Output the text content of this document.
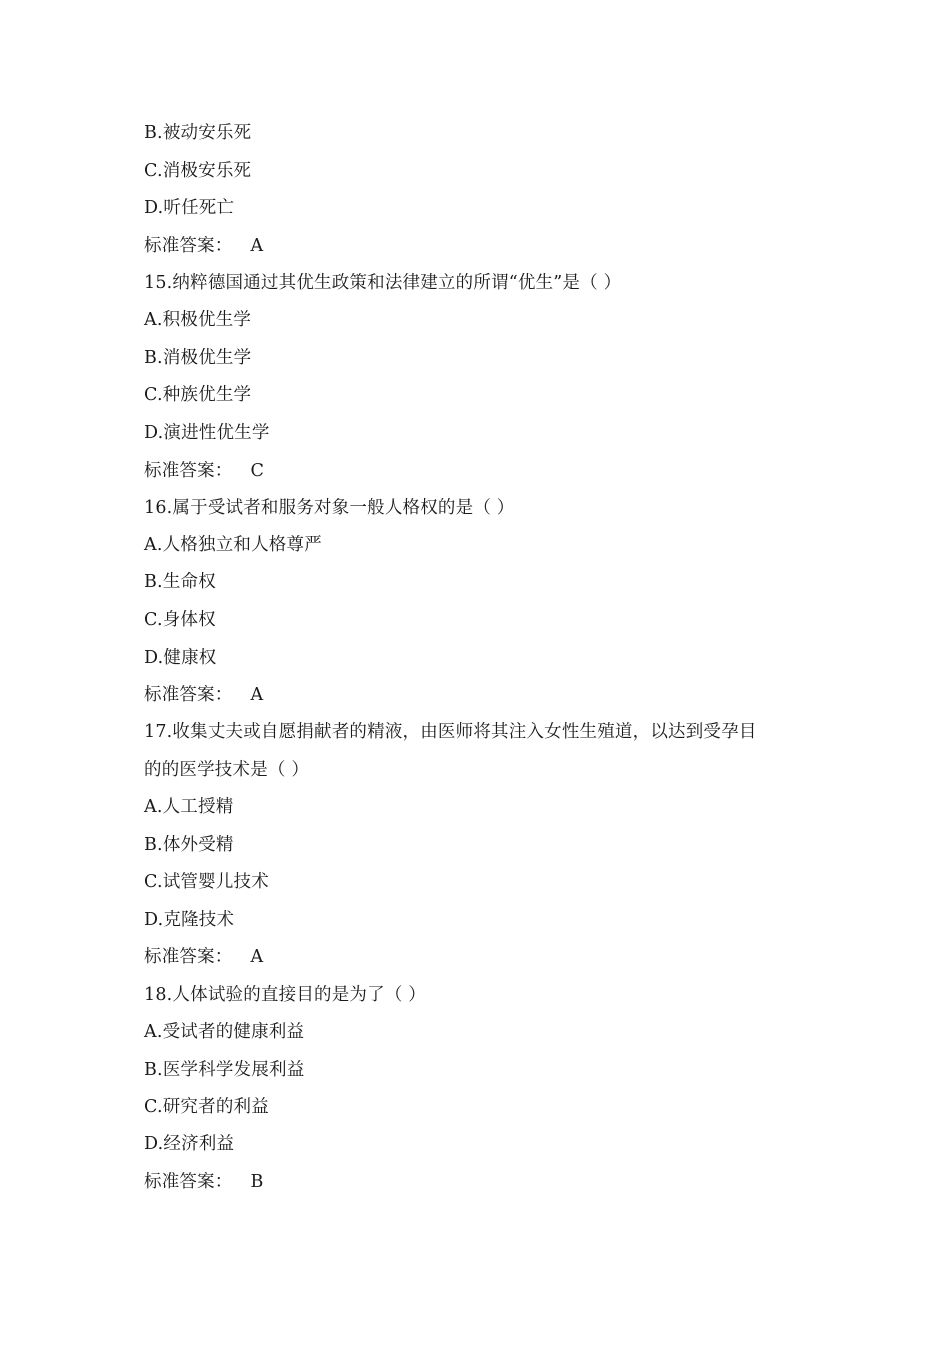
B.被动安乐死
C.消极安乐死
D.听任死亡
标准答案： A
15.纳粹德国通过其优生政策和法律建立的所谓“优生”是（ ）
A.积极优生学
B.消极优生学
C.种族优生学
D.演进性优生学
标准答案： C
16.属于受试者和服务对象一般人格权的是（ ）
A.人格独立和人格尊严
B.生命权
C.身体权
D.健康权
标准答案： A
17.收集丈夫或自愿捐献者的精液，由医师将其注入女性生殖道，以达到受孕目
的的医学技术是（ ）
A.人工授精
B.体外受精
C.试管婴儿技术
D.克隆技术
标准答案： A
18.人体试验的直接目的是为了（ ）
A.受试者的健康利益
B.医学科学发展利益
C.研究者的利益
D.经济利益
标准答案： B
